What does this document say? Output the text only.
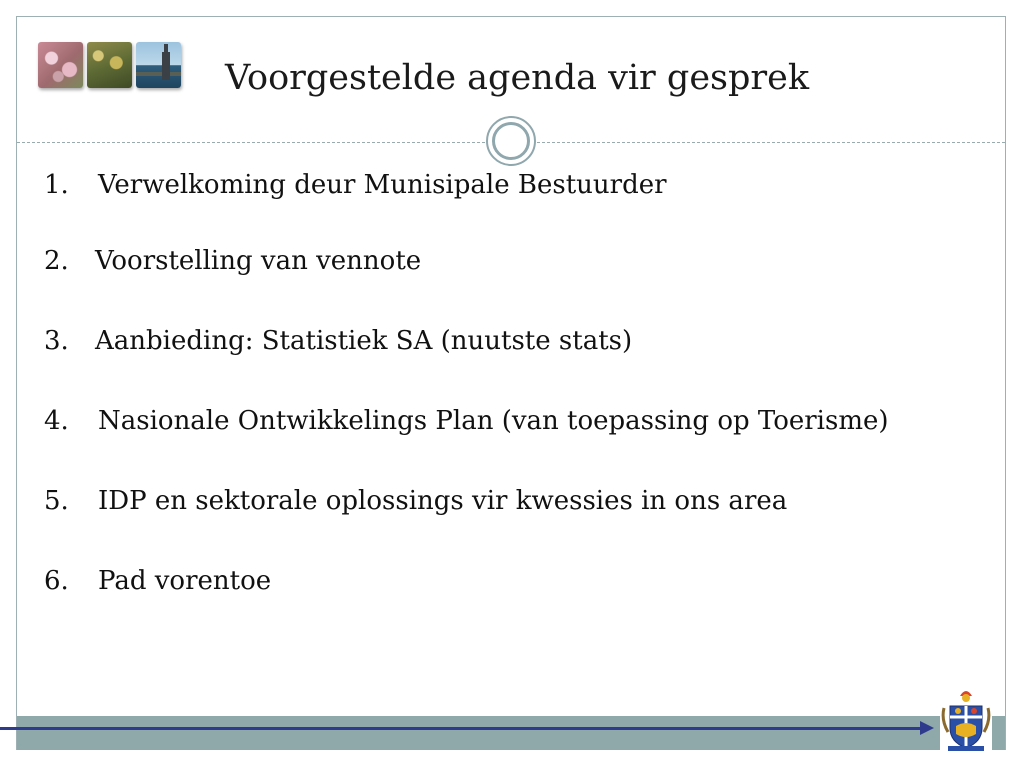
Voorgestelde agenda vir gesprek
1. Verwelkoming deur Munisipale Bestuurder
2. Voorstelling van vennote
3. Aanbieding: Statistiek SA (nuutste stats)
4. Nasionale Ontwikkelings Plan (van toepassing op Toerisme)
5. IDP en sektorale oplossings vir kwessies in ons area
6. Pad vorentoe
